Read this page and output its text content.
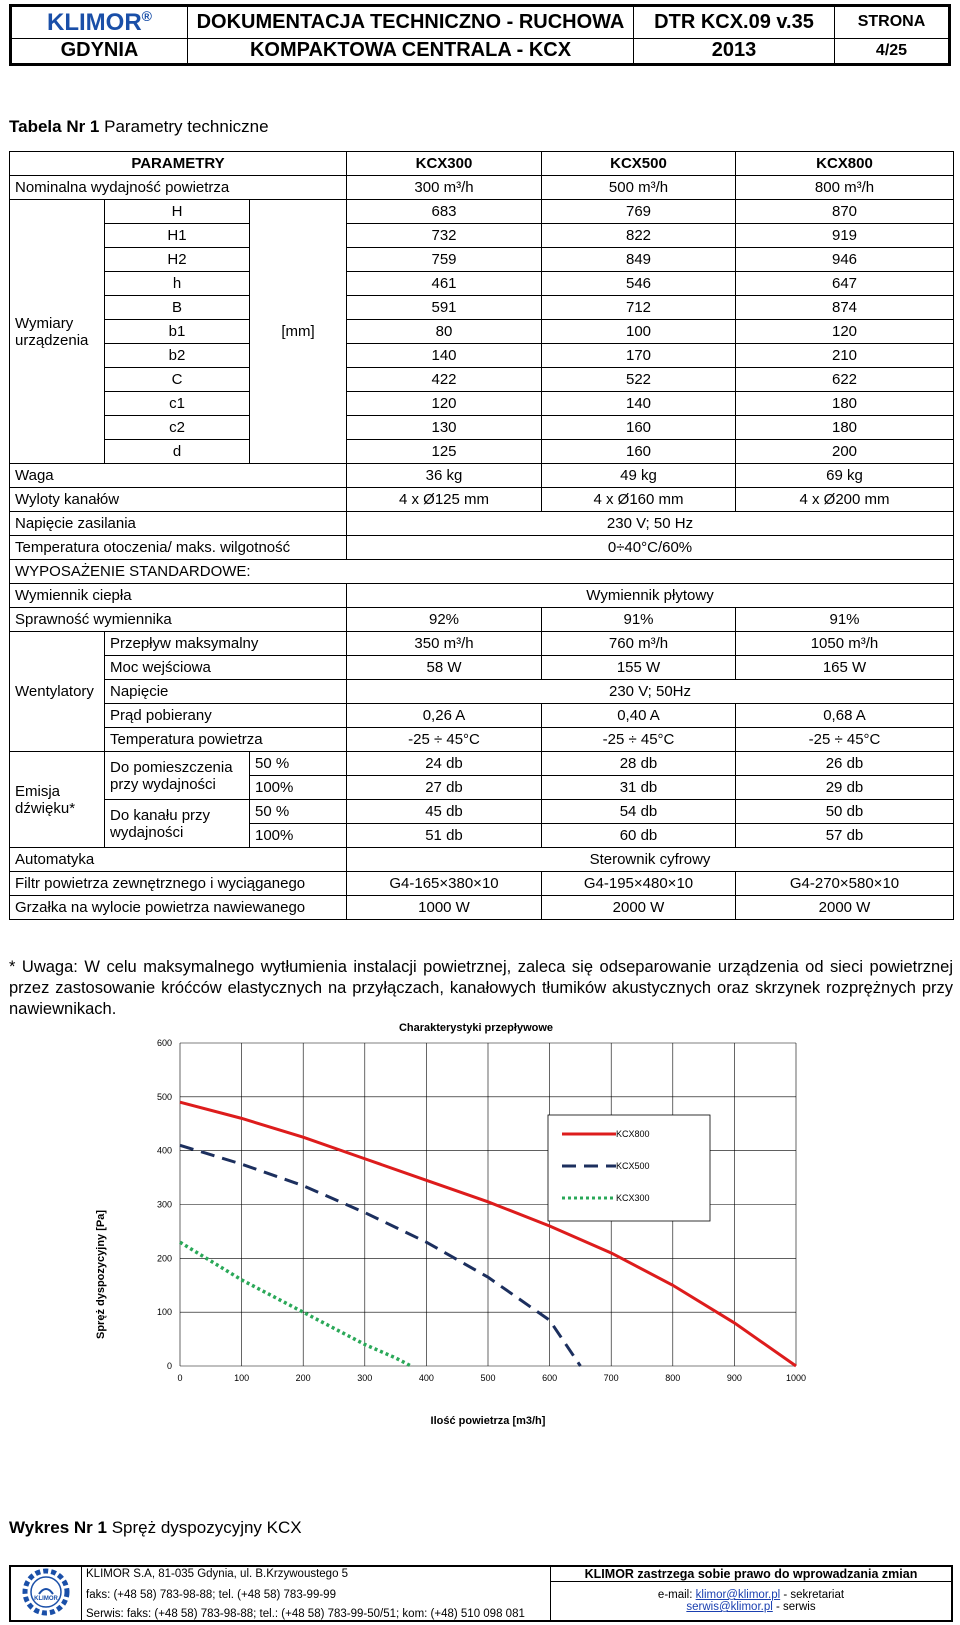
KLIMOR®	DOKUMENTACJA TECHNICZNO - RUCHOWA	DTR KCX.09 v.35	STRONA
GDYNIA	KOMPAKTOWA CENTRALA - KCX	2013	4/25
Tabela Nr 1 Parametry techniczne
PARAMETRY			KCX300	KCX500	KCX800
Nominalna wydajność powietrza			300 m³/h	500 m³/h	800 m³/h
Wymiary urządzenia	H	[mm]	683	769	870
	H1		732	822	919
	H2		759	849	946
	h		461	546	647
	B		591	712	874
	b1		80	100	120
	b2		140	170	210
	C		422	522	622
	c1		120	140	180
	c2		130	160	180
	d		125	160	200
Waga			36 kg	49 kg	69 kg
Wyloty kanałów			4 x Ø125 mm	4 x Ø160 mm	4 x Ø200 mm
Napięcie zasilania			230 V; 50 Hz		
Temperatura otoczenia/ maks. wilgotność			0÷40°C/60%		
WYPOSAŻENIE STANDARDOWE:					
Wymiennik ciepła			Wymiennik płytowy		
Sprawność wymiennika			92%	91%	91%
Wentylatory	Przepływ maksymalny		350 m³/h	760 m³/h	1050 m³/h
	Moc wejściowa		58 W	155 W	165 W
	Napięcie		230 V; 50Hz		
	Prąd pobierany		0,26 A	0,40 A	0,68 A
	Temperatura powietrza		-25 ÷ 45°C	-25 ÷ 45°C	-25 ÷ 45°C
Emisja dźwięku*	Do pomieszczenia przy wydajności	50 %	24 db	28 db	26 db
		100%	27 db	31 db	29 db
	Do kanału przy wydajności	50 %	45 db	54 db	50 db
		100%	51 db	60 db	57 db
Automatyka			Sterownik cyfrowy		
Filtr powietrza zewnętrznego i wyciąganego			G4-165×380×10	G4-195×480×10	G4-270×580×10
Grzałka na wylocie powietrza nawiewanego			1000 W	2000 W	2000 W
* Uwaga: W celu maksymalnego wytłumienia instalacji powietrznej, zaleca się odseparowanie urządzenia od sieci powietrznej przez zastosowanie króćców elastycznych na przyłączach, kanałowych tłumików akustycznych oraz skrzynek rozprężnych przy nawiewnikach.
Charakterystyki przepływowe
Ilość powietrza [m3/h]
Spręż dyspozycyjny [Pa]
0	100	200	300	400	500	600	700	800	900	1000
0
100
200
300
400
500
600
KCX800
KCX500
KCX300
Wykres Nr 1 Spręż dyspozycyjny KCX
KLIMOR	KLIMOR S.A, 81-035 Gdynia, ul. B.Krzywoustego 5	KLIMOR zastrzega sobie prawo do wprowadzania zmian
	faks: (+48 58) 783-98-88; tel. (+48 58) 783-99-99	e-mail: klimor@klimor.pl - sekretariat
serwis@klimor.pl - serwis
	Serwis: faks: (+48 58) 783-98-88; tel.: (+48 58) 783-99-50/51; kom: (+48) 510 098 081	
